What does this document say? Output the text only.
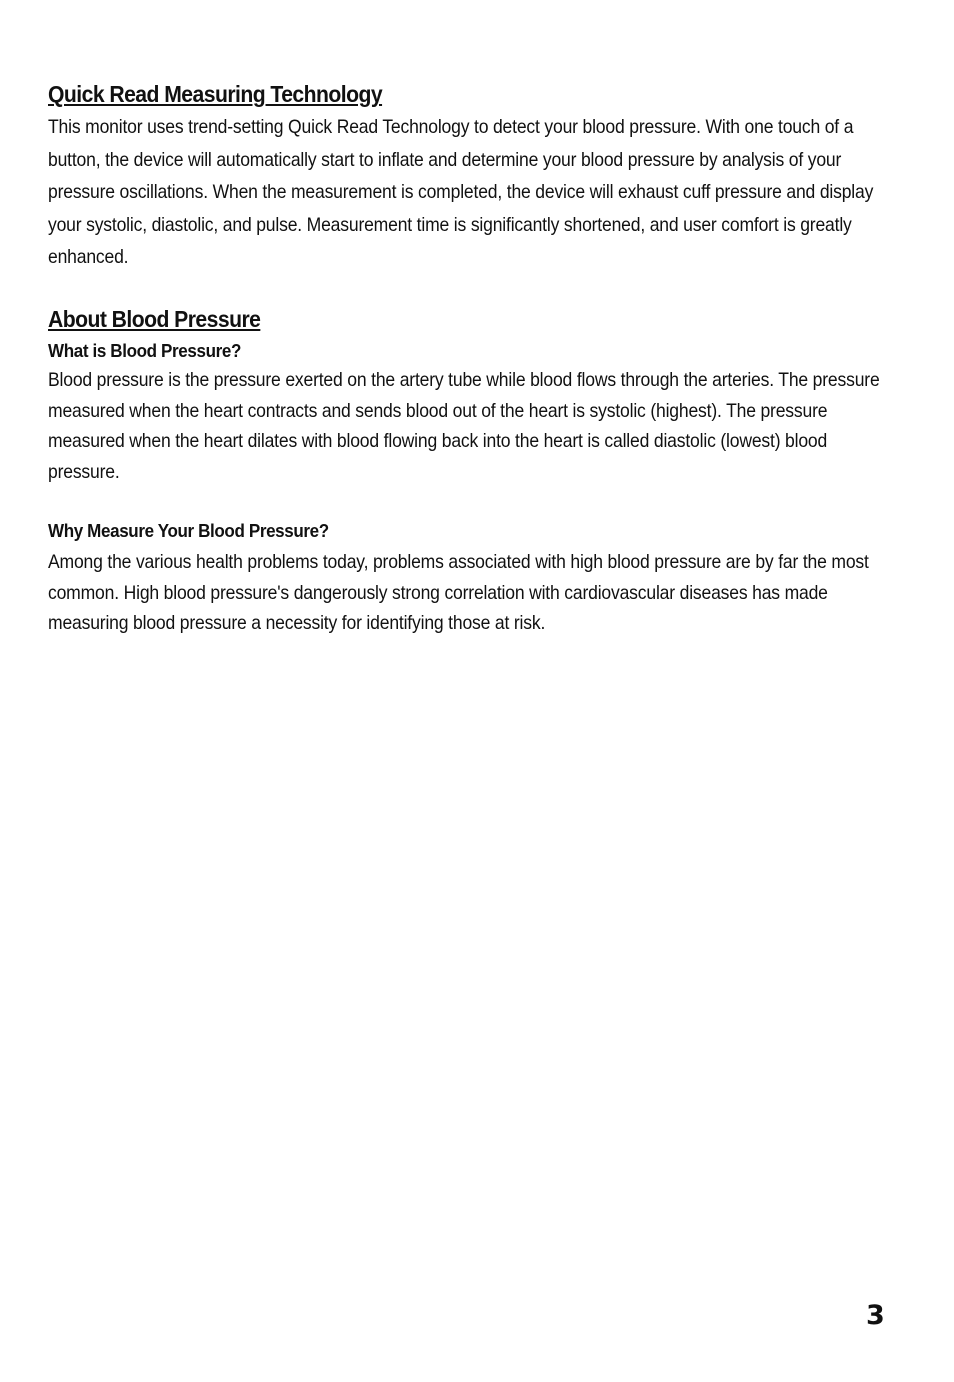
Quick Read Measuring Technology

This monitor uses trend-setting Quick Read Technology to detect your blood pressure. With one touch of a button, the device will automatically start to inflate and determine your blood pressure by analysis of your pressure oscillations. When the measurement is completed, the device will exhaust cuff pressure and display your systolic, diastolic, and pulse. Measurement time is significantly shortened, and user comfort is greatly enhanced.

About Blood Pressure
What is Blood Pressure?

Blood pressure is the pressure exerted on the artery tube while blood flows through the arteries. The pressure measured when the heart contracts and sends blood out of the heart is systolic (highest). The pressure measured when the heart dilates with blood flowing back into the heart is called diastolic (lowest) blood pressure.

Why Measure Your Blood Pressure?

Among the various health problems today, problems associated with high blood pressure are by far the most common. High blood pressure's dangerously strong correlation with cardiovascular diseases has made measuring blood pressure a necessity for identifying those at risk.

3
